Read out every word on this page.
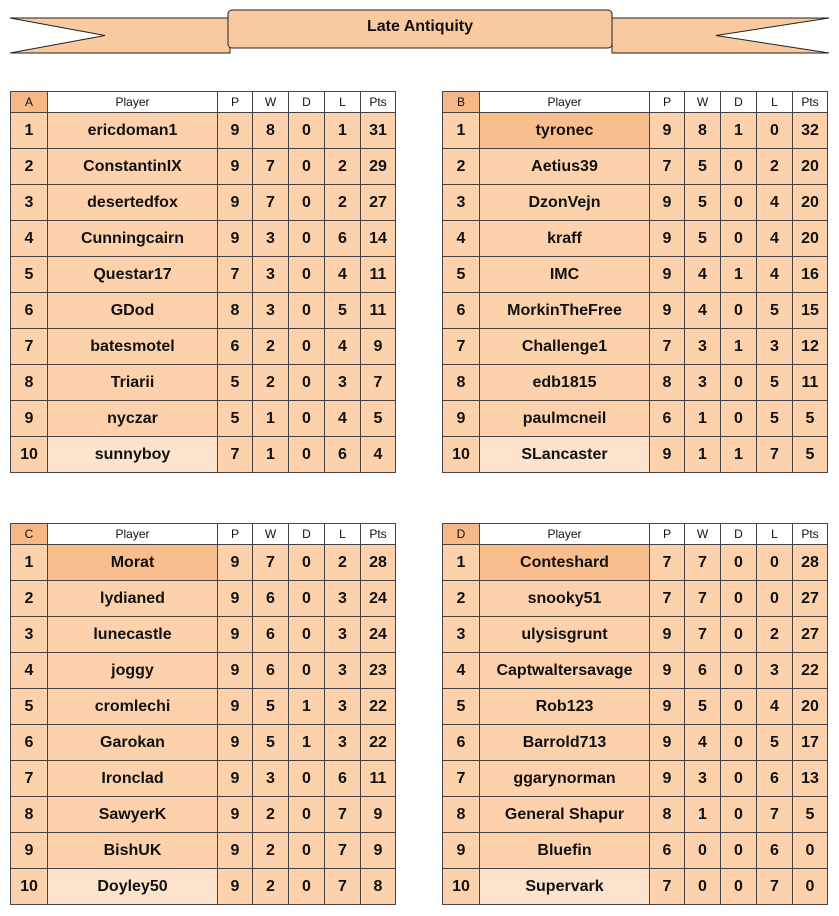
Late Antiquity
A	Player	P	W	D	L	Pts
1	ericdoman1	9	8	0	1	31
2	ConstantinIX	9	7	0	2	29
3	desertedfox	9	7	0	2	27
4	Cunningcairn	9	3	0	6	14
5	Questar17	7	3	0	4	11
6	GDod	8	3	0	5	11
7	batesmotel	6	2	0	4	9
8	Triarii	5	2	0	3	7
9	nyczar	5	1	0	4	5
10	sunnyboy	7	1	0	6	4
B	Player	P	W	D	L	Pts
1	tyronec	9	8	1	0	32
2	Aetius39	7	5	0	2	20
3	DzonVejn	9	5	0	4	20
4	kraff	9	5	0	4	20
5	IMC	9	4	1	4	16
6	MorkinTheFree	9	4	0	5	15
7	Challenge1	7	3	1	3	12
8	edb1815	8	3	0	5	11
9	paulmcneil	6	1	0	5	5
10	SLancaster	9	1	1	7	5
C	Player	P	W	D	L	Pts
1	Morat	9	7	0	2	28
2	lydianed	9	6	0	3	24
3	lunecastle	9	6	0	3	24
4	joggy	9	6	0	3	23
5	cromlechi	9	5	1	3	22
6	Garokan	9	5	1	3	22
7	Ironclad	9	3	0	6	11
8	SawyerK	9	2	0	7	9
9	BishUK	9	2	0	7	9
10	Doyley50	9	2	0	7	8
D	Player	P	W	D	L	Pts
1	Conteshard	7	7	0	0	28
2	snooky51	7	7	0	0	27
3	ulysisgrunt	9	7	0	2	27
4	Captwaltersavage	9	6	0	3	22
5	Rob123	9	5	0	4	20
6	Barrold713	9	4	0	5	17
7	ggarynorman	9	3	0	6	13
8	General Shapur	8	1	0	7	5
9	Bluefin	6	0	0	6	0
10	Supervark	7	0	0	7	0
